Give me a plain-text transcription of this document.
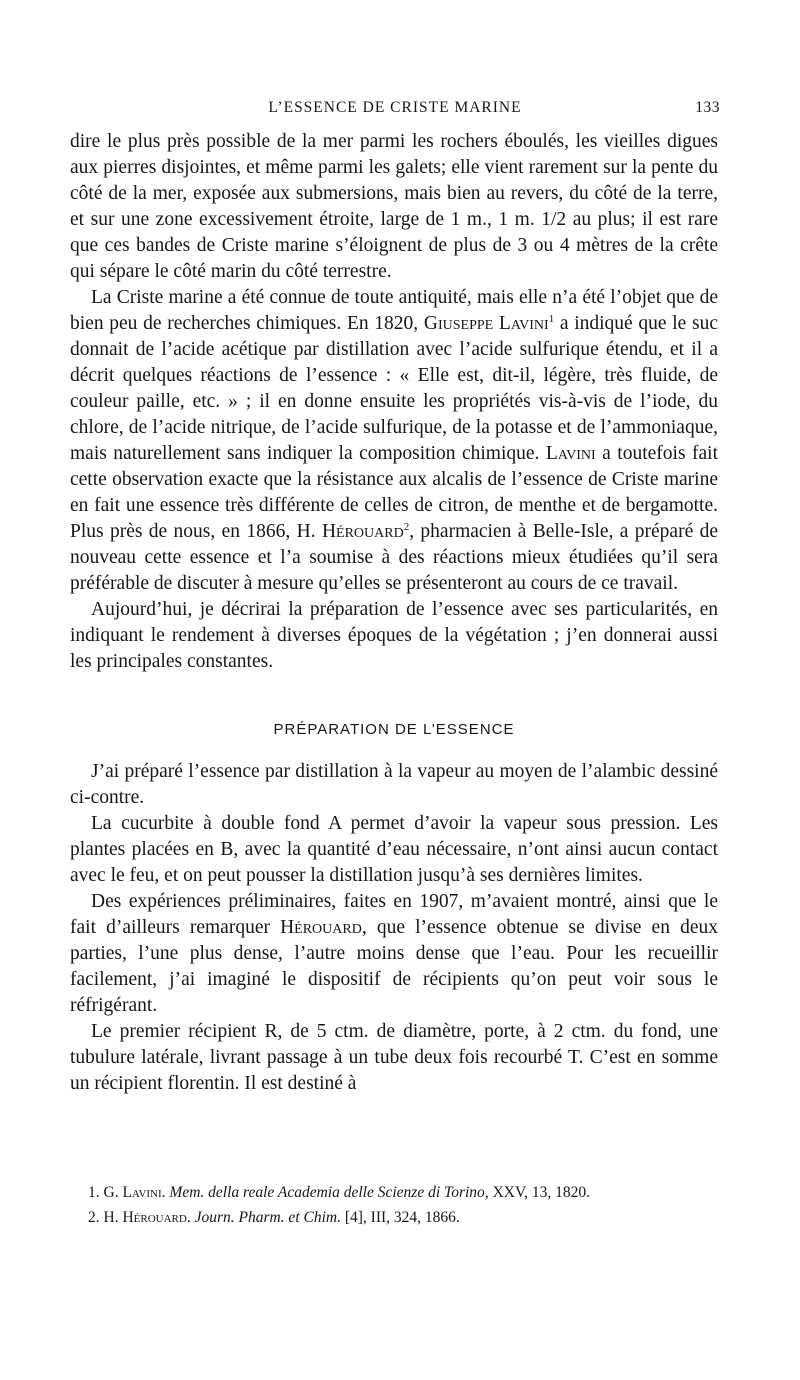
L’ESSENCE DE CRISTE MARINE	133

dire le plus près possible de la mer parmi les rochers éboulés, les vieilles digues aux pierres disjointes, et même parmi les galets; elle vient rarement sur la pente du côté de la mer, exposée aux submersions, mais bien au revers, du côté de la terre, et sur une zone excessivement étroite, large de 1 m., 1 m. 1/2 au plus; il est rare que ces bandes de Criste marine s’éloignent de plus de 3 ou 4 mètres de la crête qui sépare le côté marin du côté terrestre.

La Criste marine a été connue de toute antiquité, mais elle n’a été l’objet que de bien peu de recherches chimiques. En 1820, Giuseppe Lavini$^1$ a indiqué que le suc donnait de l’acide acétique par distillation avec l’acide sulfurique étendu, et il a décrit quelques réactions de l’essence : « Elle est, dit-il, légère, très fluide, de couleur paille, etc. » ; il en donne ensuite les propriétés vis-à-vis de l’iode, du chlore, de l’acide nitrique, de l’acide sulfurique, de la potasse et de l’ammoniaque, mais naturellement sans indiquer la composition chimique. Lavini a toutefois fait cette observation exacte que la résistance aux alcalis de l’essence de Criste marine en fait une essence très différente de celles de citron, de menthe et de bergamotte. Plus près de nous, en 1866, H. Hérouard$^2$, pharmacien à Belle-Isle, a préparé de nouveau cette essence et l’a soumise à des réactions mieux étudiées qu’il sera préférable de discuter à mesure qu’elles se présenteront au cours de ce travail.

Aujourd’hui, je décrirai la préparation de l’essence avec ses particularités, en indiquant le rendement à diverses époques de la végétation ; j’en donnerai aussi les principales constantes.

PRÉPARATION DE L’ESSENCE

J’ai préparé l’essence par distillation à la vapeur au moyen de l’alambic dessiné ci-contre.

La cucurbite à double fond A permet d’avoir la vapeur sous pression. Les plantes placées en B, avec la quantité d’eau nécessaire, n’ont ainsi aucun contact avec le feu, et on peut pousser la distillation jusqu’à ses dernières limites.

Des expériences préliminaires, faites en 1907, m’avaient montré, ainsi que le fait d’ailleurs remarquer Hérouard, que l’essence obtenue se divise en deux parties, l’une plus dense, l’autre moins dense que l’eau. Pour les recueillir facilement, j’ai imaginé le dispositif de récipients qu’on peut voir sous le réfrigérant.

Le premier récipient R, de 5 ctm. de diamètre, porte, à 2 ctm. du fond, une tubulure latérale, livrant passage à un tube deux fois recourbé T. C’est en somme un récipient florentin. Il est destiné à

1. G. Lavini. Mem. della reale Academia delle Scienze di Torino, XXV, 13, 1820.
2. H. Hérouard. Journ. Pharm. et Chim. [4], III, 324, 1866.
